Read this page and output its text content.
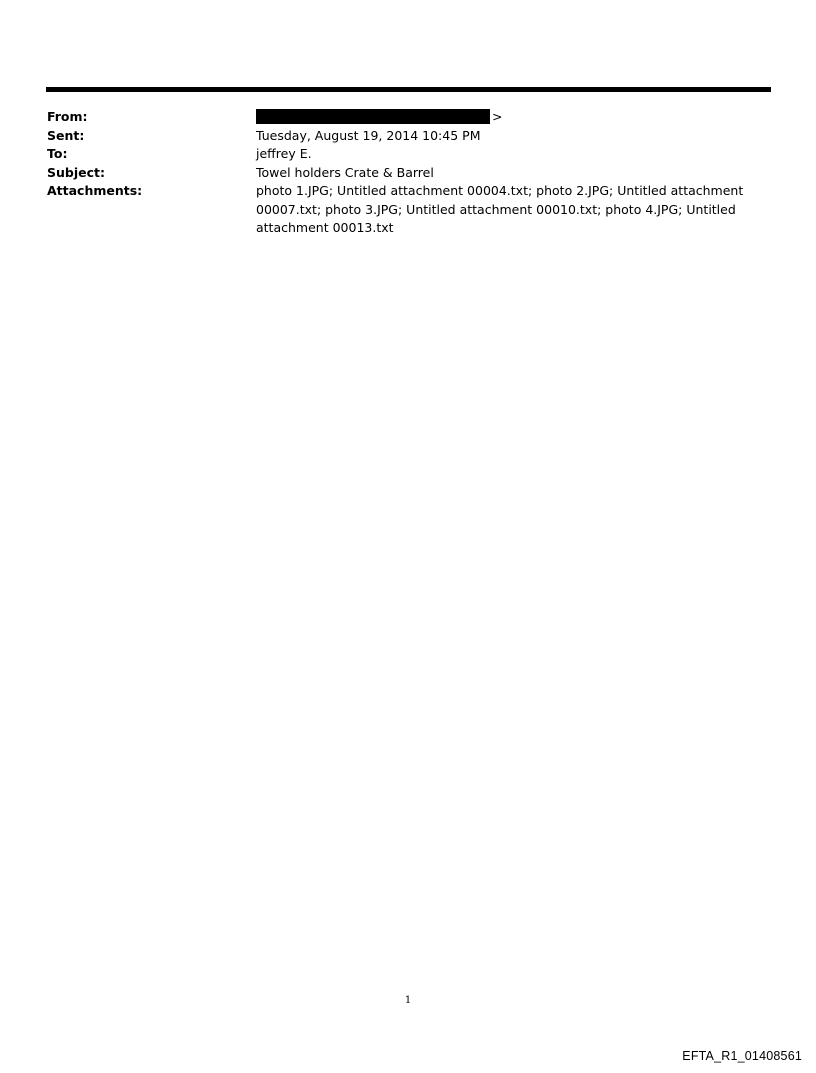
From:	>
Sent:	Tuesday, August 19, 2014 10:45 PM
To:	jeffrey E.
Subject:	Towel holders Crate & Barrel
Attachments:	photo 1.JPG; Untitled attachment 00004.txt; photo 2.JPG; Untitled attachment 00007.txt; photo 3.JPG; Untitled attachment 00010.txt; photo 4.JPG; Untitled attachment 00013.txt
1
EFTA_R1_01408561
